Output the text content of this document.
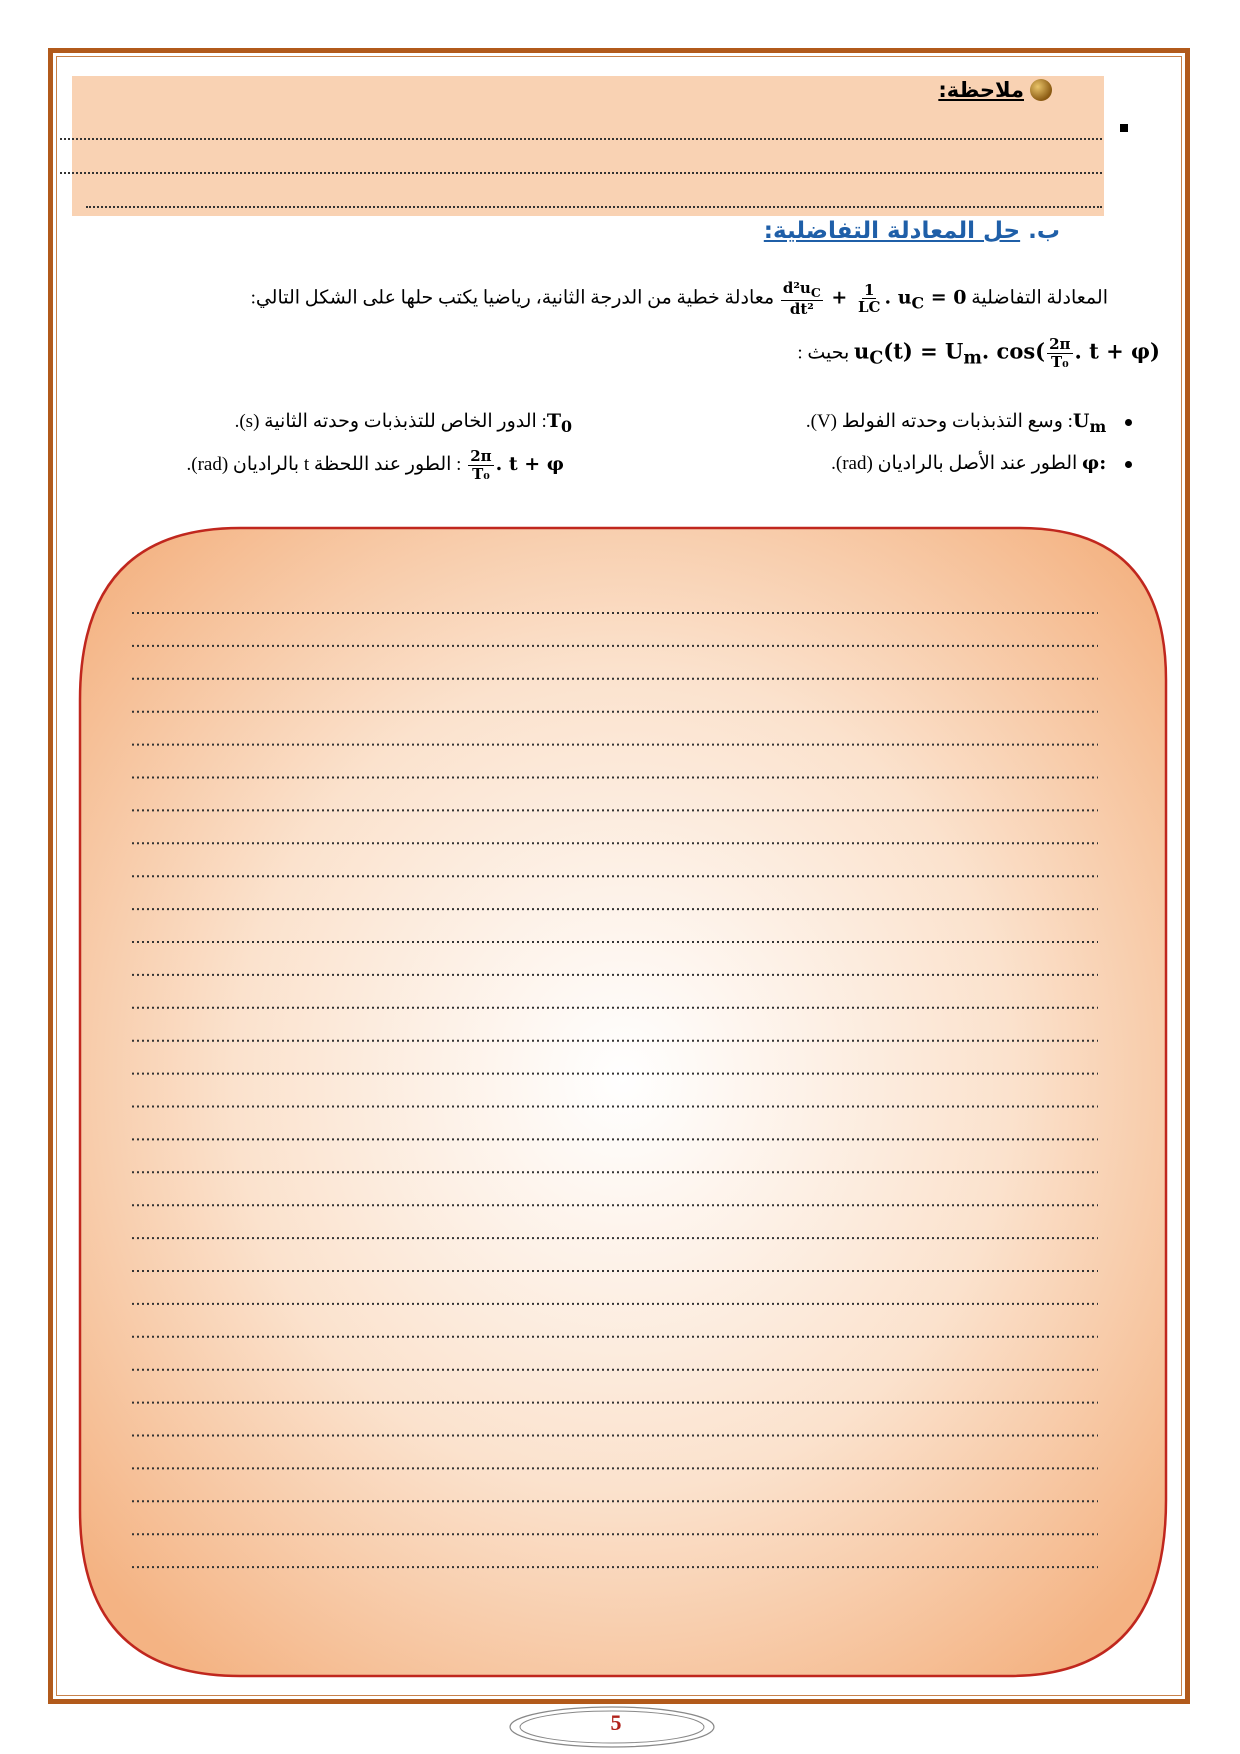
ملاحظة:
ب. حل المعادلة التفاضلية:
المعادلة التفاضلية
$\frac{d^2u_C}{\text{dt²}} + \frac{1}{LC}$ . $u_C = 0$ معادلة خطية من الدرجة الثانية، رياضيا يكتب حلها على الشكل التالي:
$u_C(t) = U_m$. $\cos( \frac{2\pi}{\text{T₀}}$ . t + φ) بحيث :
$U_m$: وسع التذبذبات وحدته الفولط (V).
φ: الطور عند الأصل بالراديان (rad).
$T_0$: الدور الخاص للتذبذبات وحدته الثانية (s).
$\frac{2\pi}{\text{T₀}}$ . t + φ : الطور عند اللحظة t بالراديان (rad).
5
